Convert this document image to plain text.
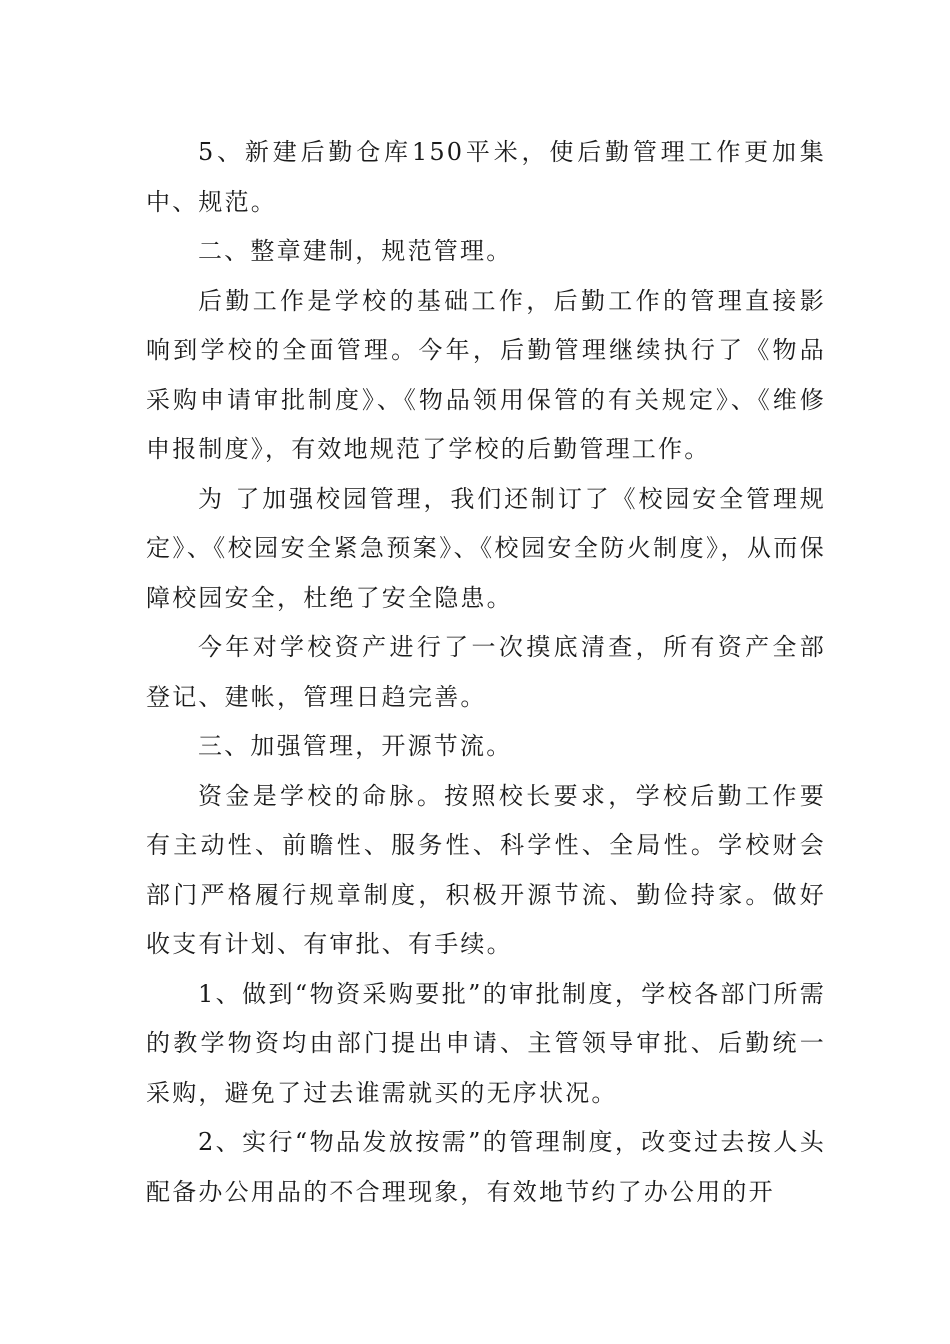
5、新建后勤仓库150平米，使后勤管理工作更加集中、规范。

二、整章建制，规范管理。

后勤工作是学校的基础工作，后勤工作的管理直接影响到学校的全面管理。今年，后勤管理继续执行了《物品采购申请审批制度》、《物品领用保管的有关规定》、《维修申报制度》，有效地规范了学校的后勤管理工作。

为 了加强校园管理，我们还制订了《校园安全管理规定》、《校园安全紧急预案》、《校园安全防火制度》，从而保障校园安全，杜绝了安全隐患。

今年对学校资产进行了一次摸底清查，所有资产全部登记、建帐，管理日趋完善。

三、加强管理，开源节流。

资金是学校的命脉。按照校长要求，学校后勤工作要有主动性、前瞻性、服务性、科学性、全局性。学校财会部门严格履行规章制度，积极开源节流、勤俭持家。做好收支有计划、有审批、有手续。

1、做到“物资采购要批”的审批制度，学校各部门所需的教学物资均由部门提出申请、主管领导审批、后勤统一采购，避免了过去谁需就买的无序状况。

2、实行“物品发放按需”的管理制度，改变过去按人头配备办公用品的不合理现象，有效地节约了办公用的开
